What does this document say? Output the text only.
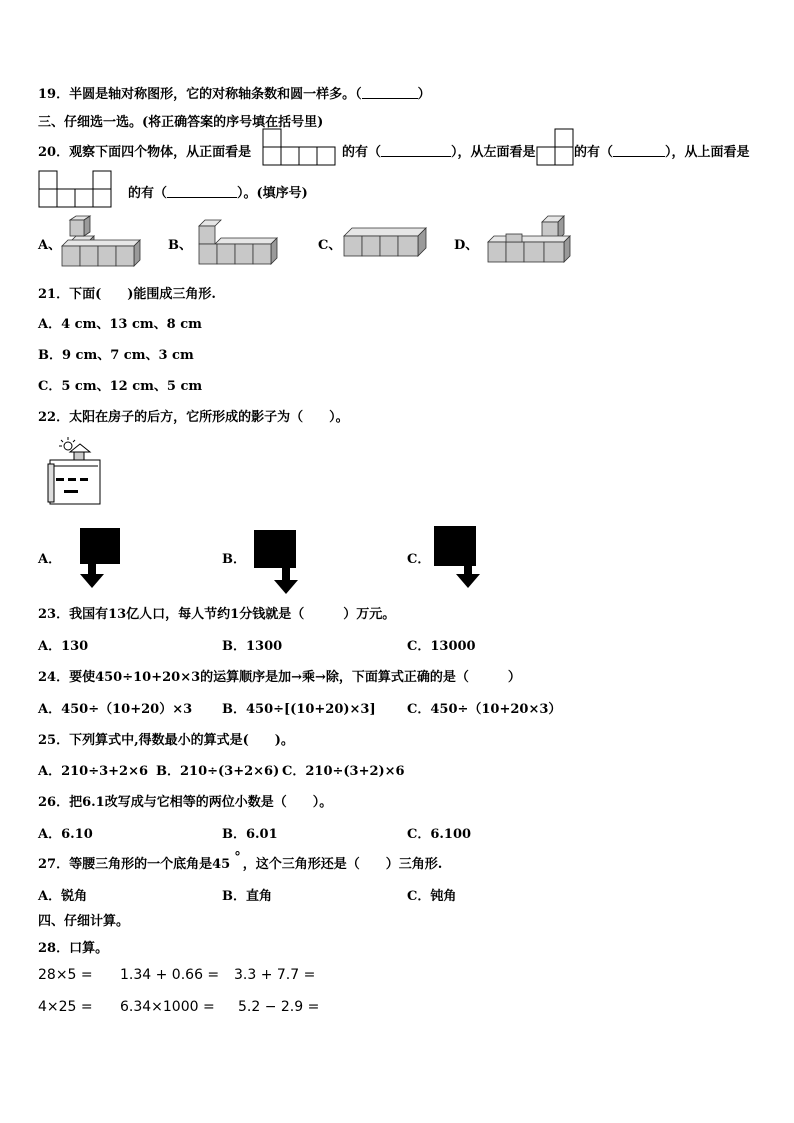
19．半圆是轴对称图形，它的对称轴条数和圆一样多。（	）
三、仔细选一选。(将正确答案的序号填在括号里)
20．观察下面四个物体，从正面看是	的有（	），从左面看是	的有（	），从上面看是
的有（	）。(填序号)
A、	B、	C、	D、
21．下面(　　)能围成三角形.
A．4 cm、13 cm、8 cm
B．9 cm、7 cm、3 cm
C．5 cm、12 cm、5 cm
22．太阳在房子的后方，它所形成的影子为（　　）。
A．	B．	C．
23．我国有13亿人口，每人节约1分钱就是（　　　）万元。
A．130	B．1300	C．13000
24．要使450÷10+20×3的运算顺序是加→乘→除，下面算式正确的是（　　　）
A．450÷（10+20）×3 B．450÷[(10+20)×3] C．450÷（10+20×3）
25．下列算式中,得数最小的算式是(　　)。
A．210÷3+2×6 B．210÷(3+2×6) C．210÷(3+2)×6
26．把6.1改写成与它相等的两位小数是（　　）。
A．6.10	B．6.01	C．6.100
27．等腰三角形的一个底角是45 ° ，这个三角形还是（　　）三角形.
A．锐角	B．直角	C．钝角
四、仔细计算。
28．口算。
28×5 = 1.34 + 0.66 = 3.3 + 7.7 =
4×25 = 6.34×1000 = 5.2 − 2.9 =
